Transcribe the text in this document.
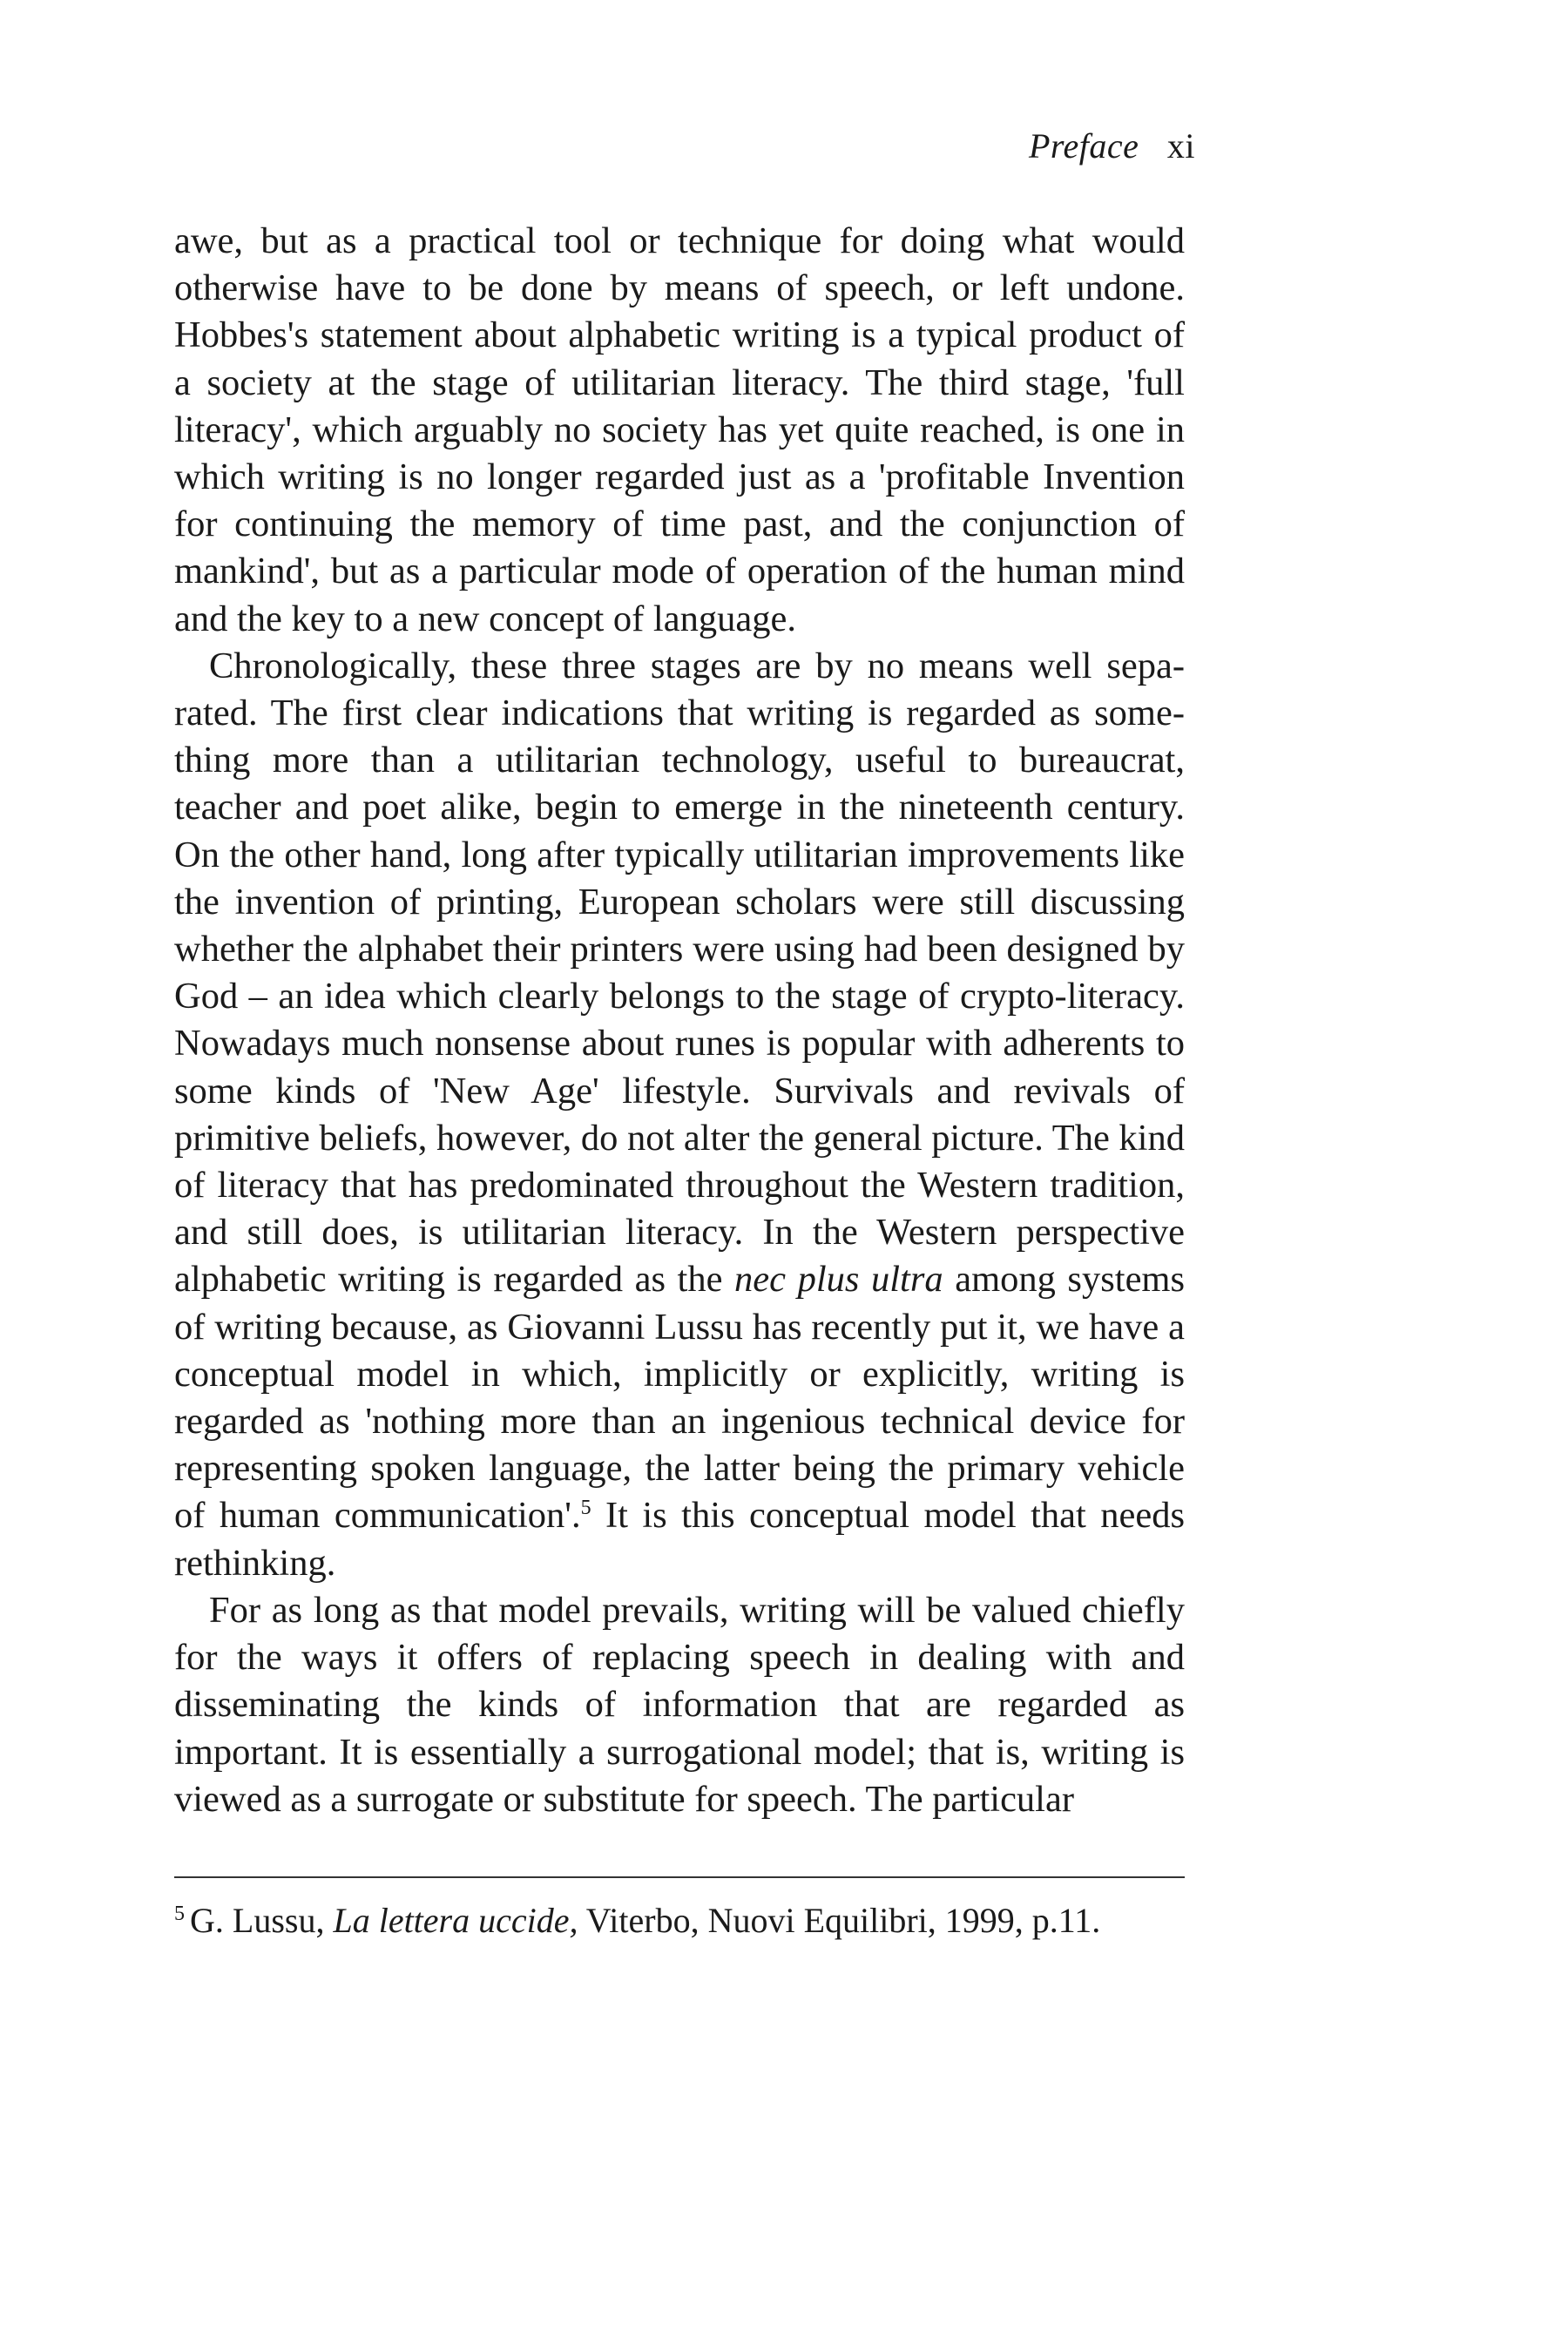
Preface xi

awe, but as a practical tool or technique for doing what would otherwise have to be done by means of speech, or left undone. Hobbes's statement about alphabetic writing is a typical product of a society at the stage of utilitarian literacy. The third stage, 'full literacy', which arguably no society has yet quite reached, is one in which writing is no longer regarded just as a 'profitable Invention for continuing the memory of time past, and the conjunction of mankind', but as a particular mode of operation of the human mind and the key to a new concept of language.

Chronologically, these three stages are by no means well separated. The first clear indications that writing is regarded as something more than a utilitarian technology, useful to bureaucrat, teacher and poet alike, begin to emerge in the nineteenth century. On the other hand, long after typically utilitarian improvements like the invention of printing, European scholars were still discussing whether the alphabet their printers were using had been designed by God – an idea which clearly belongs to the stage of crypto-literacy. Nowadays much nonsense about runes is popular with adherents to some kinds of 'New Age' lifestyle. Survivals and revivals of primitive beliefs, however, do not alter the general picture. The kind of literacy that has predominated throughout the Western tradition, and still does, is utilitarian literacy. In the Western perspective alphabetic writing is regarded as the nec plus ultra among systems of writing because, as Giovanni Lussu has recently put it, we have a conceptual model in which, implicitly or explicitly, writing is regarded as 'nothing more than an ingenious technical device for representing spoken language, the latter being the primary vehicle of human communication'.$^5$ It is this conceptual model that needs rethinking.

For as long as that model prevails, writing will be valued chiefly for the ways it offers of replacing speech in dealing with and disseminating the kinds of information that are regarded as important. It is essentially a surrogational model; that is, writing is viewed as a surrogate or substitute for speech. The particular

$^5$ G. Lussu, La lettera uccide, Viterbo, Nuovi Equilibri, 1999, p.11.
